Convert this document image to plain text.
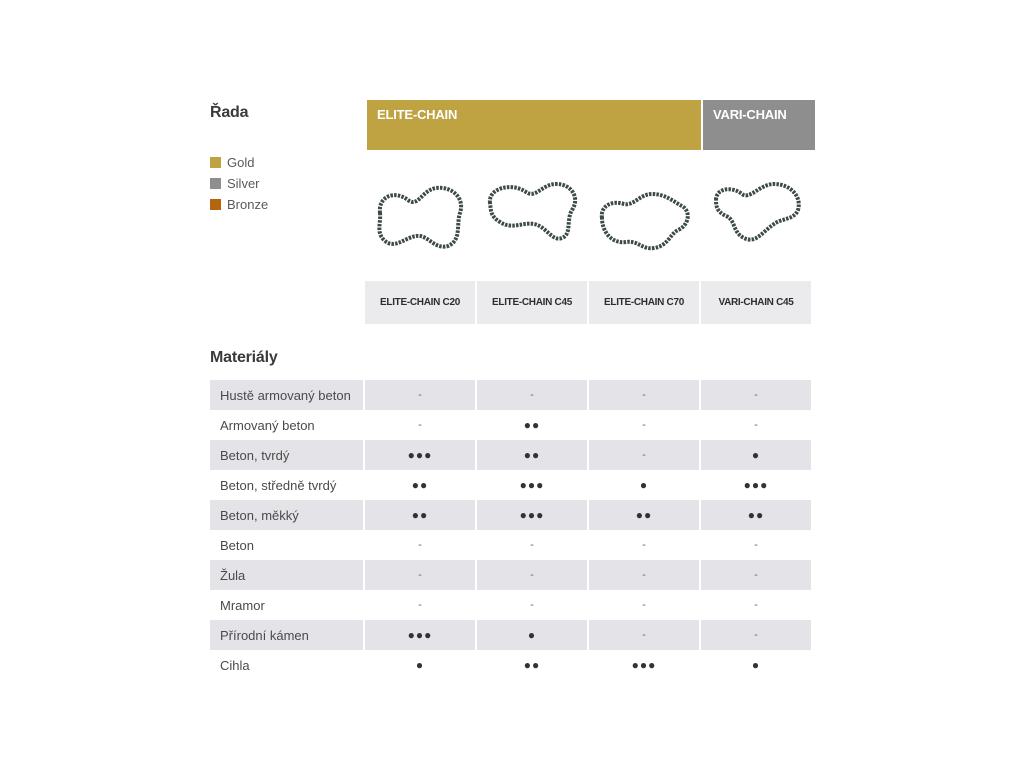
Řada	ELITE-CHAIN	VARI-CHAIN
Gold
Silver
Bronze
ELITE-CHAIN C20	ELITE-CHAIN C45	ELITE-CHAIN C70	VARI-CHAIN C45
Materiály
Hustě armovaný beton	-	-	-	-
Armovaný beton	-	●●	-	-
Beton, tvrdý	●●●	●●	-	●
Beton, středně tvrdý	●●	●●●	●	●●●
Beton, měkký	●●	●●●	●●	●●
Beton	-	-	-	-
Žula	-	-	-	-
Mramor	-	-	-	-
Přírodní kámen	●●●	●	-	-
Cihla	●	●●	●●●	●
